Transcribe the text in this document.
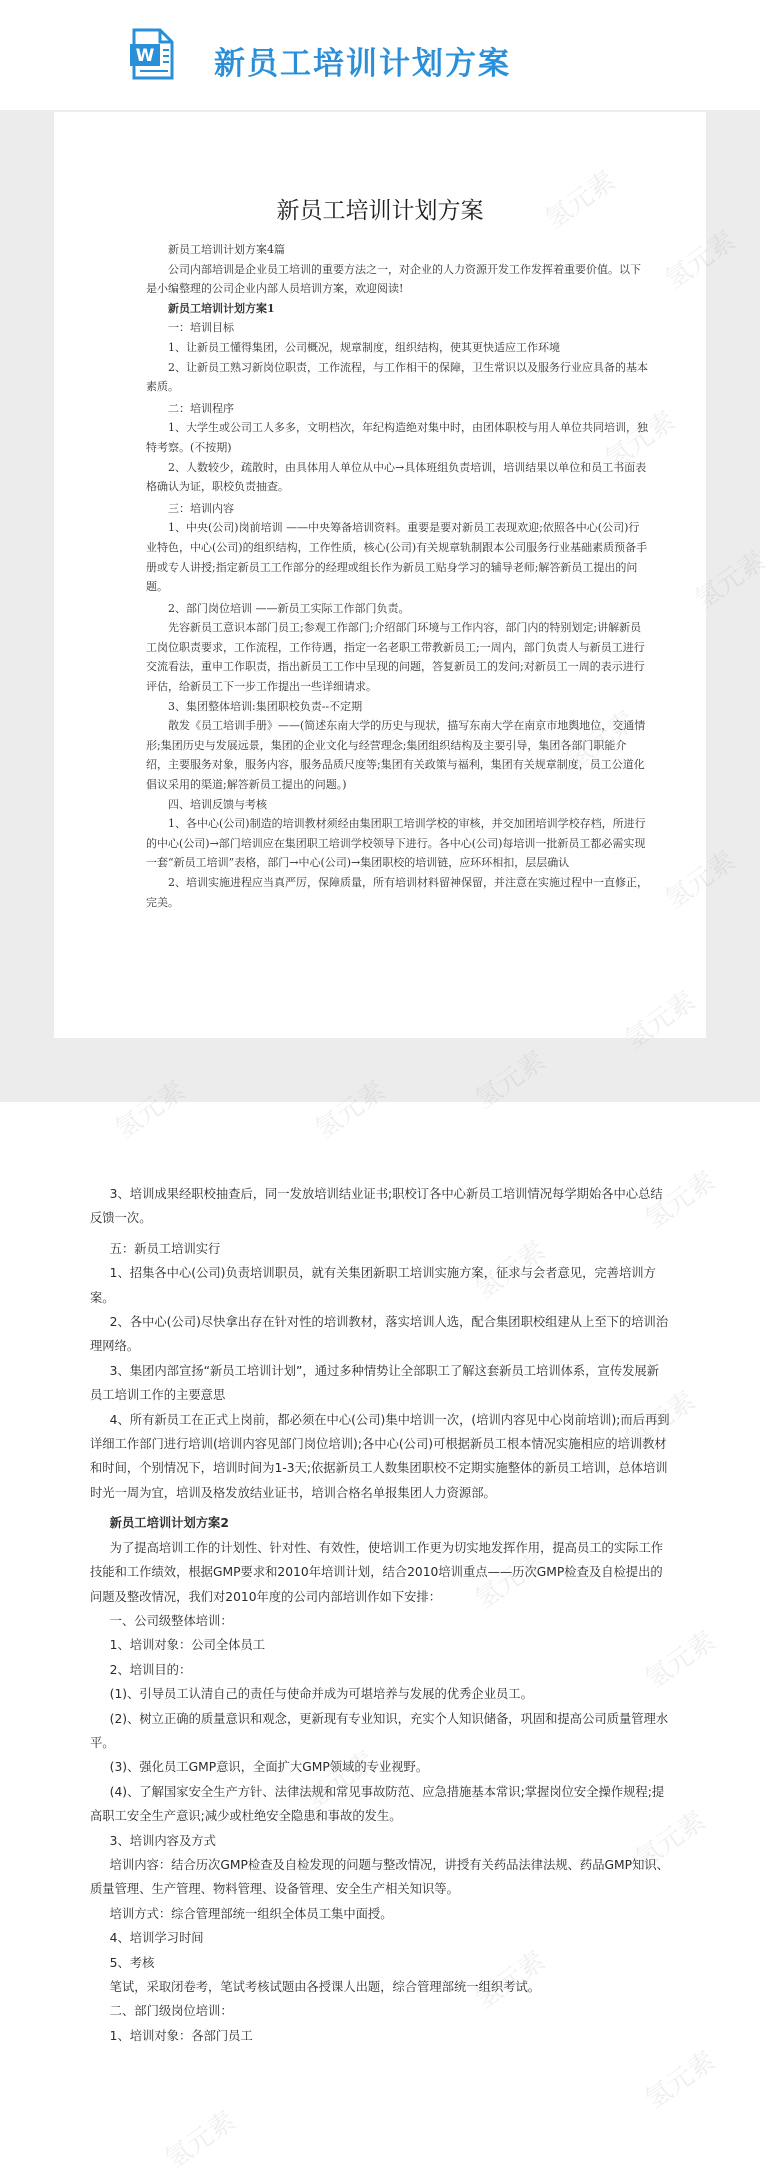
W 新员工培训计划方案
新员工培训计划方案

新员工培训计划方案4篇

公司内部培训是企业员工培训的重要方法之一，对企业的人力资源开发工作发挥着重要价值。以下是小编整理的公司企业内部人员培训方案，欢迎阅读!

新员工培训计划方案1

一：培训目标

1、让新员工懂得集团，公司概况，规章制度，组织结构，使其更快适应工作环境

2、让新员工熟习新岗位职责，工作流程，与工作相干的保障，卫生常识以及服务行业应具备的基本素质。

二：培训程序

1、大学生或公司工人多多，文明档次，年纪构造绝对集中时，由团体职校与用人单位共同培训，独特考察。(不按期)

2、人数较少，疏散时，由具体用人单位从中心→具体班组负责培训，培训结果以单位和员工书面表格确认为证，职校负责抽查。

三：培训内容

1、中央(公司)岗前培训 ——中央筹备培训资料。重要是要对新员工表现欢迎;依照各中心(公司)行业特色，中心(公司)的组织结构，工作性质，核心(公司)有关规章轨制跟本公司服务行业基础素质预备手册或专人讲授;指定新员工工作部分的经理或组长作为新员工贴身学习的辅导老师;解答新员工提出的问题。

2、部门岗位培训 ——新员工实际工作部门负责。

先容新员工意识本部门员工;参观工作部门;介绍部门环境与工作内容，部门内的特别划定;讲解新员工岗位职责要求，工作流程，工作待遇，指定一名老职工带教新员工;一周内，部门负责人与新员工进行交流看法，重申工作职责，指出新员工工作中呈现的问题，答复新员工的发问;对新员工一周的表示进行评估，给新员工下一步工作提出一些详细请求。

3、集团整体培训:集团职校负责--不定期

散发《员工培训手册》——(简述东南大学的历史与现状，描写东南大学在南京市地舆地位，交通情形;集团历史与发展远景，集团的企业文化与经营理念;集团组织结构及主要引导，集团各部门职能介绍，主要服务对象，服务内容，服务品质尺度等;集团有关政策与福利，集团有关规章制度，员工公道化倡议采用的渠道;解答新员工提出的问题。)

四、培训反馈与考核

1、各中心(公司)制造的培训教材须经由集团职工培训学校的审核，并交加团培训学校存档，所进行的中心(公司)→部门培训应在集团职工培训学校领导下进行。各中心(公司)每培训一批新员工都必需实现一套“新员工培训”表格，部门→中心(公司)→集团职校的培训链，应环环相扣，层层确认

2、培训实施进程应当真严厉，保障质量，所有培训材料留神保留，并注意在实施过程中一直修正，完美。

3、培训成果经职校抽查后，同一发放培训结业证书;职校订各中心新员工培训情况每学期始各中心总结反馈一次。

五：新员工培训实行

1、招集各中心(公司)负责培训职员，就有关集团新职工培训实施方案，征求与会者意见，完善培训方案。

2、各中心(公司)尽快拿出存在针对性的培训教材，落实培训人选，配合集团职校组建从上至下的培训治理网络。

3、集团内部宣扬“新员工培训计划”，通过多种情势让全部职工了解这套新员工培训体系，宣传发展新员工培训工作的主要意思

4、所有新员工在正式上岗前，都必须在中心(公司)集中培训一次，(培训内容见中心岗前培训);而后再到详细工作部门进行培训(培训内容见部门岗位培训);各中心(公司)可根据新员工根本情况实施相应的培训教材和时间，个别情况下，培训时间为1-3天;依据新员工人数集团职校不定期实施整体的新员工培训，总体培训时光一周为宜，培训及格发放结业证书，培训合格名单报集团人力资源部。

新员工培训计划方案2

为了提高培训工作的计划性、针对性、有效性，使培训工作更为切实地发挥作用，提高员工的实际工作技能和工作绩效，根据GMP要求和2010年培训计划，结合2010培训重点——历次GMP检查及自检提出的问题及整改情况，我们对2010年度的公司内部培训作如下安排：

一、公司级整体培训：

1、培训对象：公司全体员工

2、培训目的：

(1)、引导员工认清自己的责任与使命并成为可堪培养与发展的优秀企业员工。

(2)、树立正确的质量意识和观念，更新现有专业知识，充实个人知识储备，巩固和提高公司质量管理水平。

(3)、强化员工GMP意识，全面扩大GMP领域的专业视野。

(4)、了解国家安全生产方针、法律法规和常见事故防范、应急措施基本常识;掌握岗位安全操作规程;提高职工安全生产意识;减少或杜绝安全隐患和事故的发生。

3、培训内容及方式

培训内容：结合历次GMP检查及自检发现的问题与整改情况，讲授有关药品法律法规、药品GMP知识、质量管理、生产管理、物料管理、设备管理、安全生产相关知识等。

培训方式：综合管理部统一组织全体员工集中面授。

4、培训学习时间

5、考核

笔试，采取闭卷考，笔试考核试题由各授课人出题，综合管理部统一组织考试。

二、部门级岗位培训：

1、培训对象：各部门员工

氢元素
氢元素
氢元素
氢元素
氢元素
氢元素
氢元素
氢元素
氢元素
氢元素
氢元素
氢元素
